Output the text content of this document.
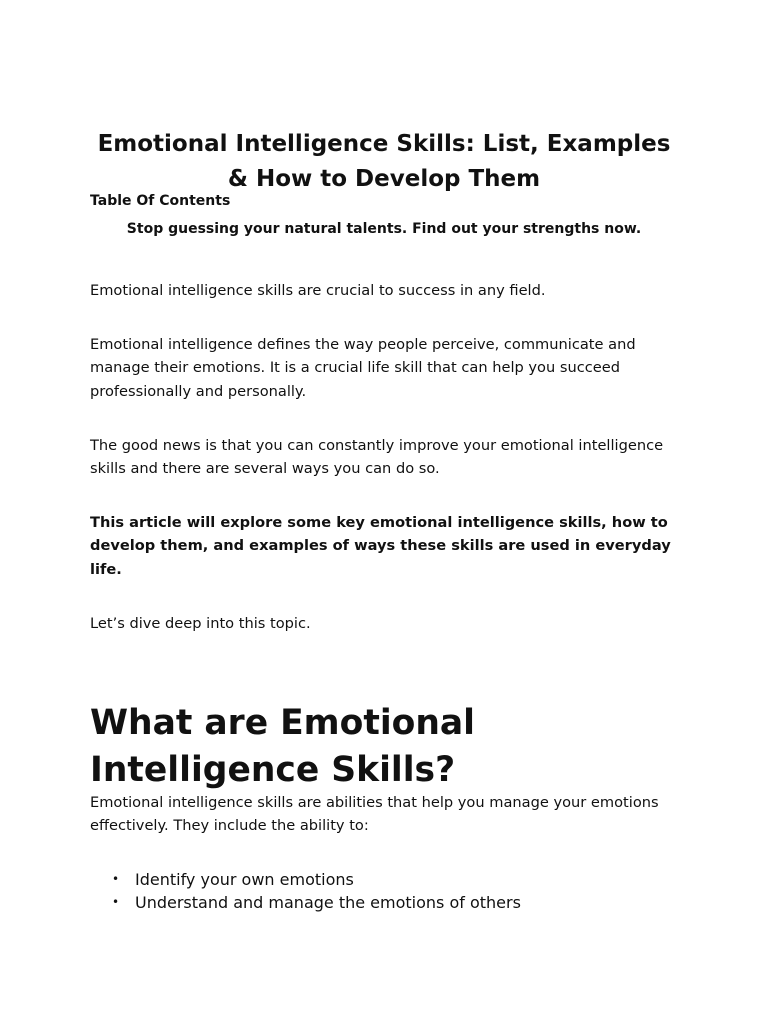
Emotional Intelligence Skills: List, Examples & How to Develop Them

Table Of Contents

Stop guessing your natural talents. Find out your strengths now.

Emotional intelligence skills are crucial to success in any field.

Emotional intelligence defines the way people perceive, communicate and manage their emotions. It is a crucial life skill that can help you succeed professionally and personally.

The good news is that you can constantly improve your emotional intelligence skills and there are several ways you can do so.

This article will explore some key emotional intelligence skills, how to develop them, and examples of ways these skills are used in everyday life.

Let’s dive deep into this topic.

What are Emotional Intelligence Skills?

Emotional intelligence skills are abilities that help you manage your emotions effectively. They include the ability to:

• Identify your own emotions
• Understand and manage the emotions of others
